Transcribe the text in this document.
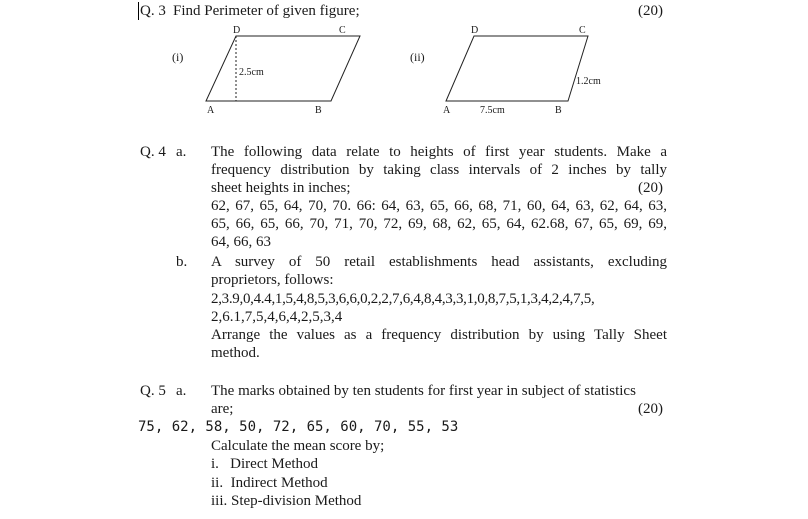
Q. 3 Find Perimeter of given figure;	(20)
(i)
D	C
A	B
2.5cm
(ii)
D	C
A	B
7.5cm
1.2cm
Q. 4 a. The following data relate to heights of first year students. Make a
frequency distribution by taking class intervals of 2 inches by tally
sheet heights in inches;	(20)
62, 67, 65, 64, 70, 70. 66: 64, 63, 65, 66, 68, 71, 60, 64, 63, 62, 64, 63,
65, 66, 65, 66, 70, 71, 70, 72, 69, 68, 62, 65, 64, 62.68, 67, 65, 69, 69,
64, 66, 63
b. A survey of 50 retail establishments head assistants, excluding
proprietors, follows:
2,3.9,0,4.4,1,5,4,8,5,3,6,6,0,2,2,7,6,4,8,4,3,3,1,0,8,7,5,1,3,4,2,4,7,5,
2,6.1,7,5,4,6,4,2,5,3,4
Arrange the values as a frequency distribution by using Tally Sheet
method.
Q. 5 a. The marks obtained by ten students for first year in subject of statistics
are;	(20)
75, 62, 58, 50, 72, 65, 60, 70, 55, 53
Calculate the mean score by;
i.   Direct Method
ii.  Indirect Method
iii. Step-division Method
